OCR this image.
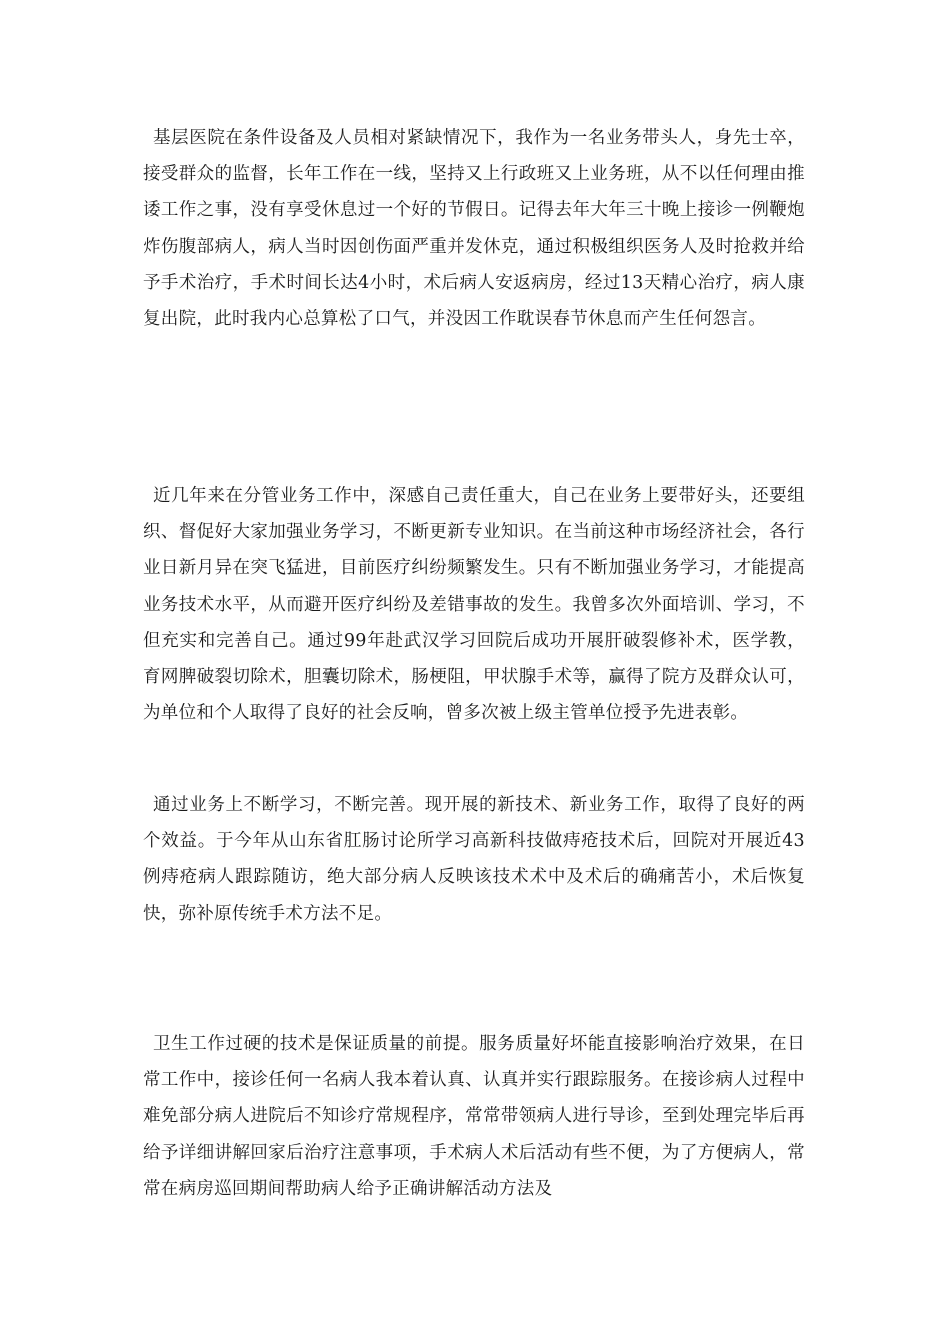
基层医院在条件设备及人员相对紧缺情况下，我作为一名业务带头人，身先士卒，接受群众的监督，长年工作在一线，坚持又上行政班又上业务班，从不以任何理由推诿工作之事，没有享受休息过一个好的节假日。记得去年大年三十晚上接诊一例鞭炮炸伤腹部病人，病人当时因创伤面严重并发休克，通过积极组织医务人及时抢救并给予手术治疗，手术时间长达4小时，术后病人安返病房，经过13天精心治疗，病人康复出院，此时我内心总算松了口气，并没因工作耽误春节休息而产生任何怨言。

近几年来在分管业务工作中，深感自己责任重大，自己在业务上要带好头，还要组织、督促好大家加强业务学习，不断更新专业知识。在当前这种市场经济社会，各行业日新月异在突飞猛进，目前医疗纠纷频繁发生。只有不断加强业务学习，才能提高业务技术水平，从而避开医疗纠纷及差错事故的发生。我曾多次外面培训、学习，不但充实和完善自己。通过99年赴武汉学习回院后成功开展肝破裂修补术，医学教，育网脾破裂切除术，胆囊切除术，肠梗阻，甲状腺手术等，赢得了院方及群众认可，为单位和个人取得了良好的社会反响，曾多次被上级主管单位授予先进表彰。

通过业务上不断学习，不断完善。现开展的新技术、新业务工作，取得了良好的两个效益。于今年从山东省肛肠讨论所学习高新科技做痔疮技术后，回院对开展近43例痔疮病人跟踪随访，绝大部分病人反映该技术术中及术后的确痛苦小，术后恢复快，弥补原传统手术方法不足。

卫生工作过硬的技术是保证质量的前提。服务质量好坏能直接影响治疗效果，在日常工作中，接诊任何一名病人我本着认真、认真并实行跟踪服务。在接诊病人过程中难免部分病人进院后不知诊疗常规程序，常常带领病人进行导诊，至到处理完毕后再给予详细讲解回家后治疗注意事项，手术病人术后活动有些不便，为了方便病人，常常在病房巡回期间帮助病人给予正确讲解活动方法及
